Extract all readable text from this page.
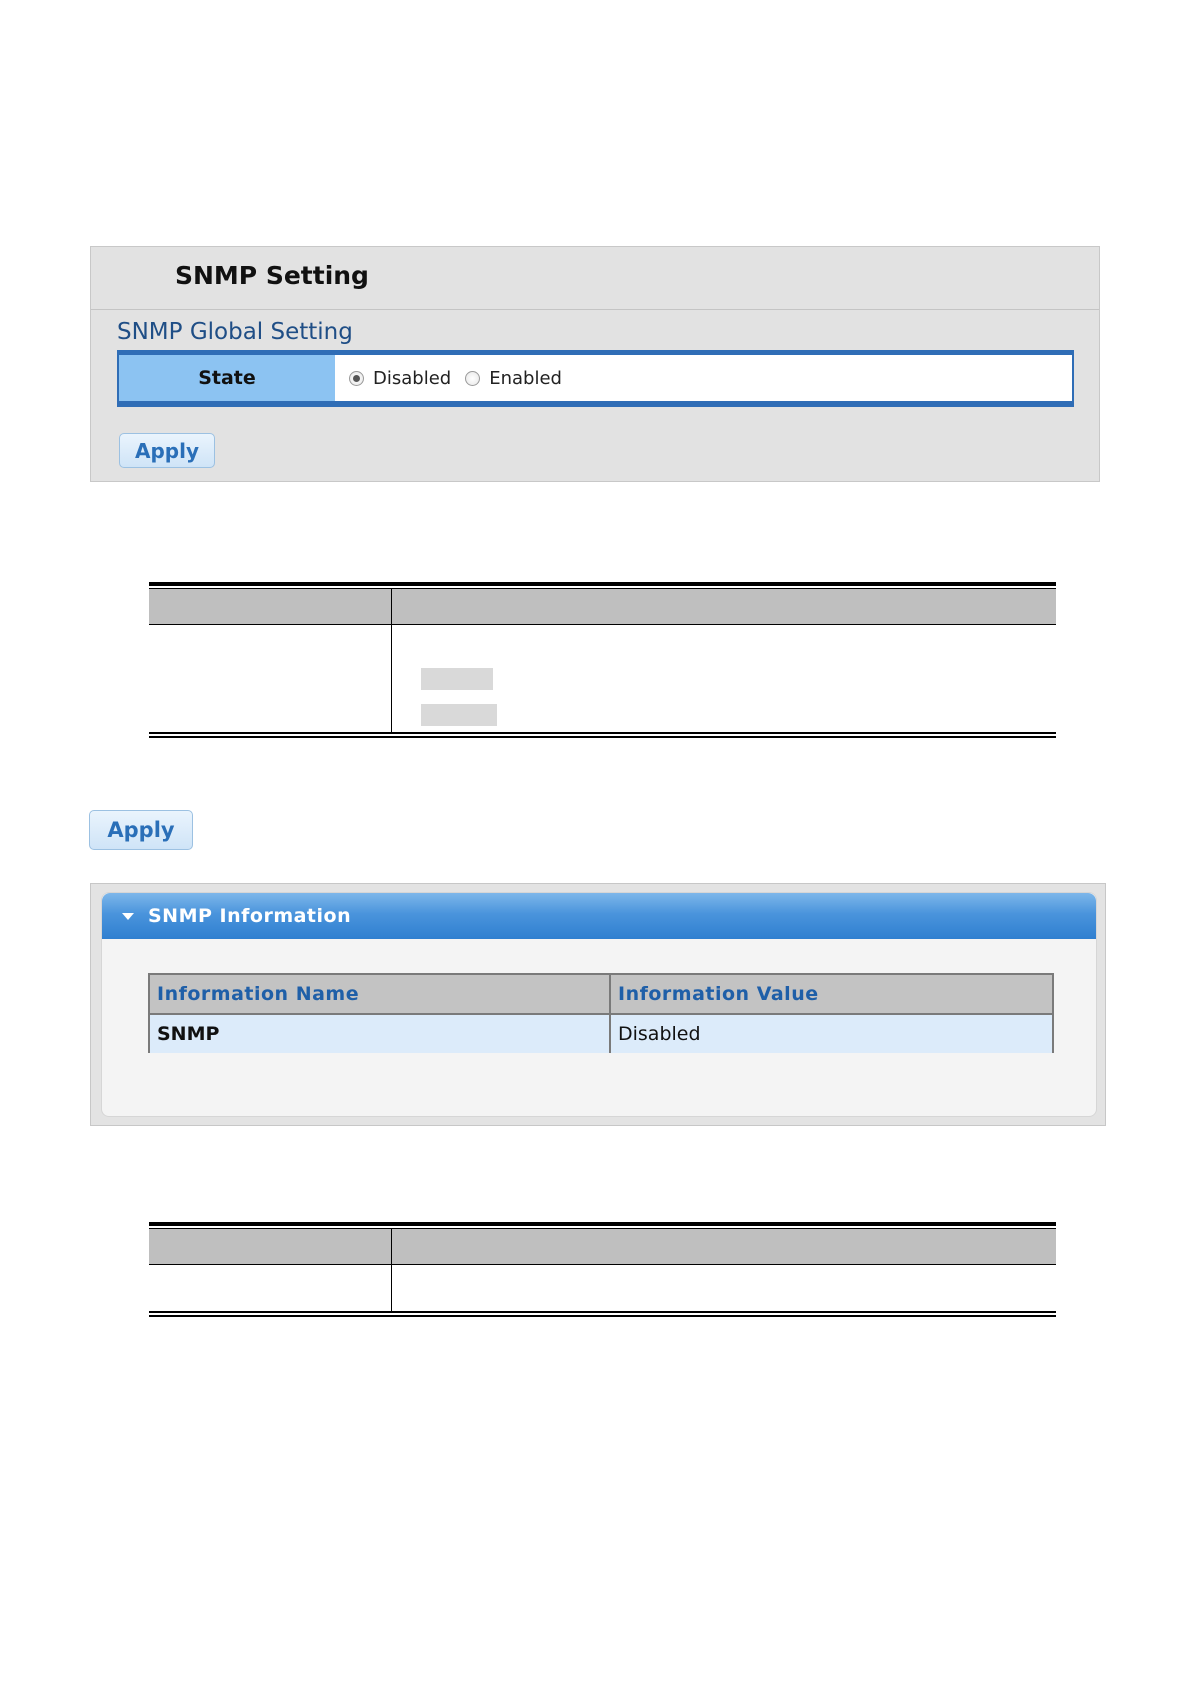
SNMP Setting
SNMP Global Setting
State	Disabled Enabled
Apply
Apply
SNMP Information
Information Name	Information Value
SNMP	Disabled
